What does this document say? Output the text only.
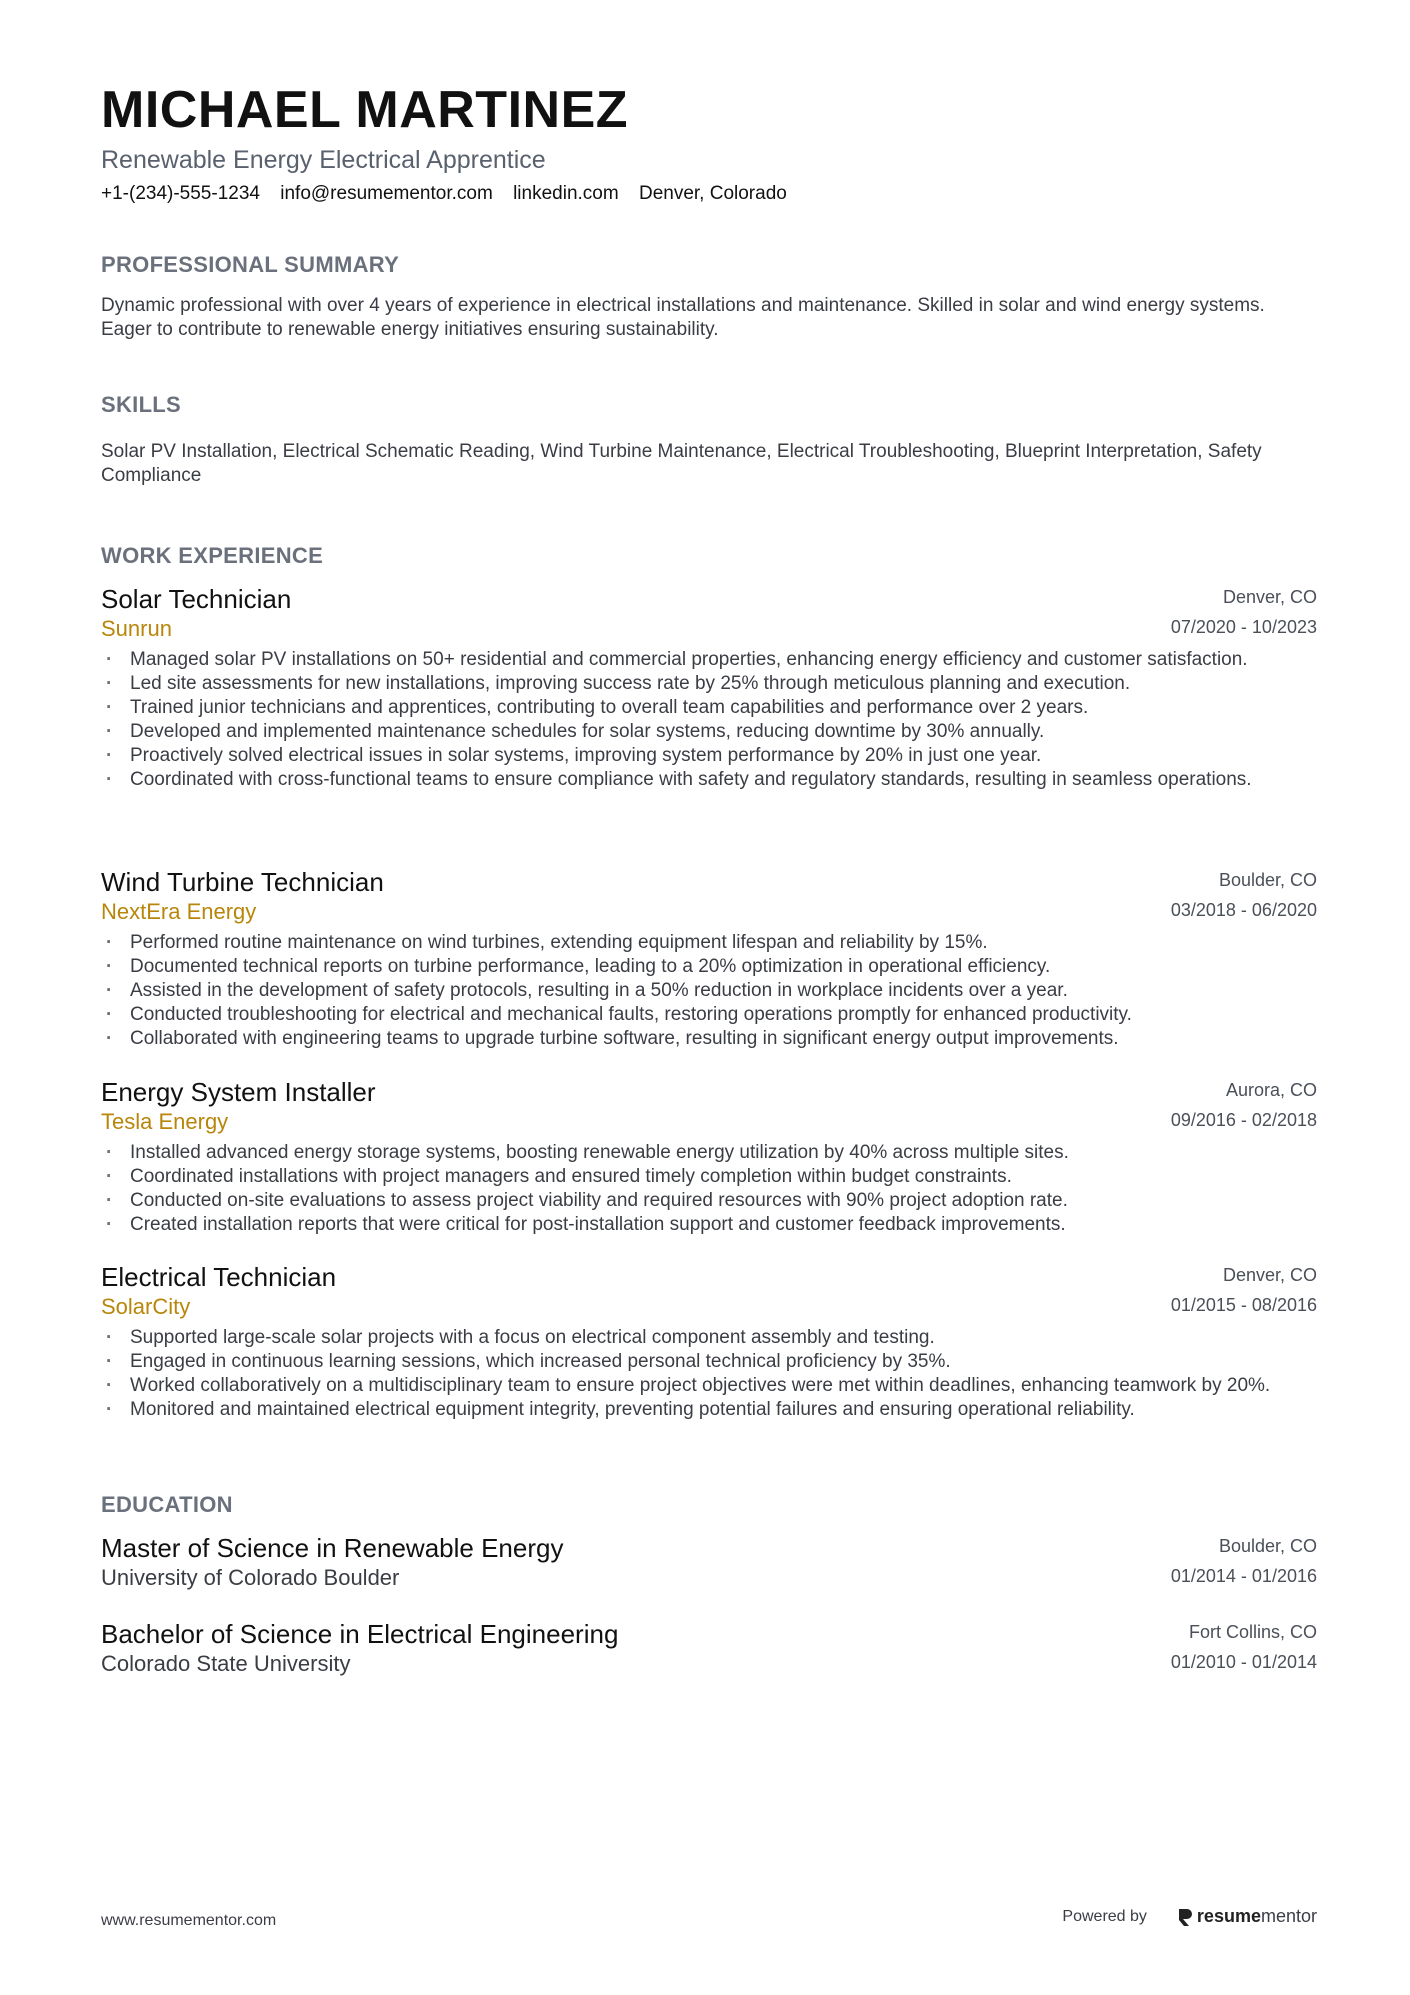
MICHAEL MARTINEZ
Renewable Energy Electrical Apprentice
+1-(234)-555-1234 info@resumementor.com linkedin.com Denver, Colorado
PROFESSIONAL SUMMARY
Dynamic professional with over 4 years of experience in electrical installations and maintenance. Skilled in solar and wind energy systems. Eager to contribute to renewable energy initiatives ensuring sustainability.
SKILLS
Solar PV Installation, Electrical Schematic Reading, Wind Turbine Maintenance, Electrical Troubleshooting, Blueprint Interpretation, Safety Compliance
WORK EXPERIENCE
Solar Technician	Denver, CO
Sunrun	07/2020 - 10/2023
· Managed solar PV installations on 50+ residential and commercial properties, enhancing energy efficiency and customer satisfaction.
· Led site assessments for new installations, improving success rate by 25% through meticulous planning and execution.
· Trained junior technicians and apprentices, contributing to overall team capabilities and performance over 2 years.
· Developed and implemented maintenance schedules for solar systems, reducing downtime by 30% annually.
· Proactively solved electrical issues in solar systems, improving system performance by 20% in just one year.
· Coordinated with cross-functional teams to ensure compliance with safety and regulatory standards, resulting in seamless operations.
Wind Turbine Technician	Boulder, CO
NextEra Energy	03/2018 - 06/2020
· Performed routine maintenance on wind turbines, extending equipment lifespan and reliability by 15%.
· Documented technical reports on turbine performance, leading to a 20% optimization in operational efficiency.
· Assisted in the development of safety protocols, resulting in a 50% reduction in workplace incidents over a year.
· Conducted troubleshooting for electrical and mechanical faults, restoring operations promptly for enhanced productivity.
· Collaborated with engineering teams to upgrade turbine software, resulting in significant energy output improvements.
Energy System Installer	Aurora, CO
Tesla Energy	09/2016 - 02/2018
· Installed advanced energy storage systems, boosting renewable energy utilization by 40% across multiple sites.
· Coordinated installations with project managers and ensured timely completion within budget constraints.
· Conducted on-site evaluations to assess project viability and required resources with 90% project adoption rate.
· Created installation reports that were critical for post-installation support and customer feedback improvements.
Electrical Technician	Denver, CO
SolarCity	01/2015 - 08/2016
· Supported large-scale solar projects with a focus on electrical component assembly and testing.
· Engaged in continuous learning sessions, which increased personal technical proficiency by 35%.
· Worked collaboratively on a multidisciplinary team to ensure project objectives were met within deadlines, enhancing teamwork by 20%.
· Monitored and maintained electrical equipment integrity, preventing potential failures and ensuring operational reliability.
EDUCATION
Master of Science in Renewable Energy	Boulder, CO
University of Colorado Boulder	01/2014 - 01/2016
Bachelor of Science in Electrical Engineering	Fort Collins, CO
Colorado State University	01/2010 - 01/2014
www.resumementor.com	Powered by	resume mentor
